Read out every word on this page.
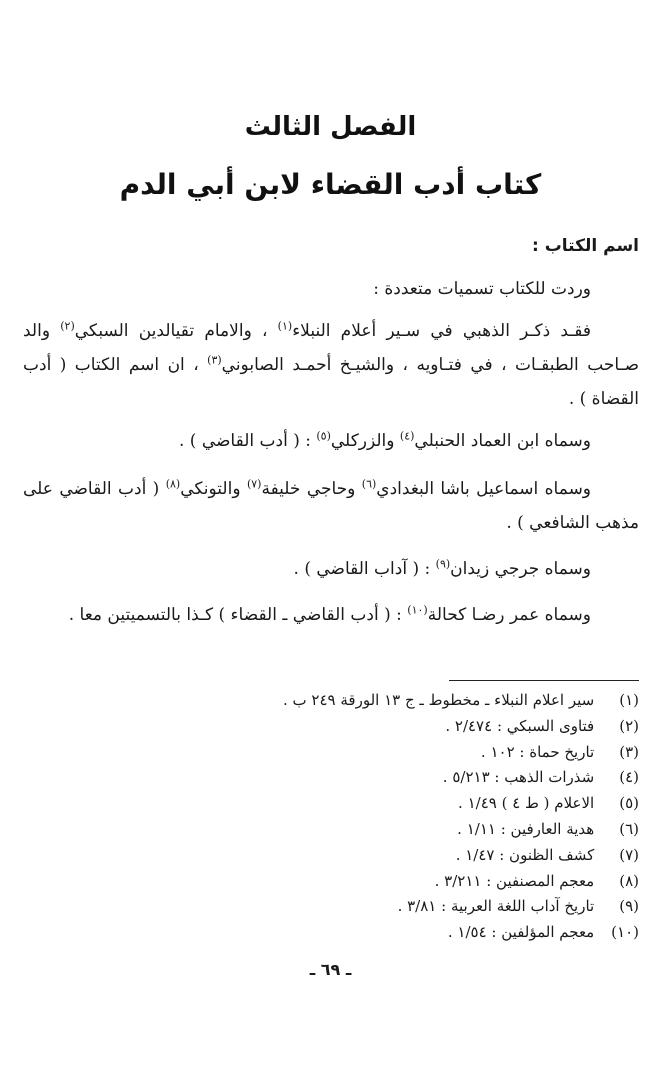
الفصل الثالث
كتاب أدب القضاء لابن أبي الدم
اسم الكتاب :
وردت للكتاب تسميات متعددة :
فقـد ذكـر الذهبي في سـير أعلام النبلاء$^{(١)}$ ، والامام تقيالدين السبكي$^{(٢)}$ والد صـاحب الطبقـات ، في فتـاويه ، والشيـخ أحمـد الصابوني$^{(٣)}$ ، ان اسم الكتاب ( أدب القضاة ) .
وسماه ابن العماد الحنبلي$^{(٤)}$ والزركلي$^{(٥)}$ : ( أدب القاضي ) .
وسماه اسماعيل باشا البغدادي$^{(٦)}$ وحاجي خليفة$^{(٧)}$ والتونكي$^{(٨)}$ ( أدب القاضي على مذهب الشافعي ) .
وسماه جرجي زيدان$^{(٩)}$ : ( آداب القاضي ) .
وسماه عمر رضـا كحالة$^{(١٠)}$ : ( أدب القاضي ـ القضاء ) كـذا بالتسميتين معا .
(١) سير اعلام النبلاء ـ مخطوط ـ ج ١٣ الورقة ٢٤٩ ب .
(٢) فتاوى السبكي : ٢/٤٧٤ .
(٣) تاريخ حماة : ١٠٢ .
(٤) شذرات الذهب : ٥/٢١٣ .
(٥) الاعلام ( ط ٤ ) ١/٤٩ .
(٦) هدية العارفين : ١/١١ .
(٧) كشف الظنون : ١/٤٧ .
(٨) معجم المصنفين : ٣/٢١١ .
(٩) تاريخ آداب اللغة العربية : ٣/٨١ .
(١٠) معجم المؤلفين : ١/٥٤ .
ـ ٦٩ ـ
